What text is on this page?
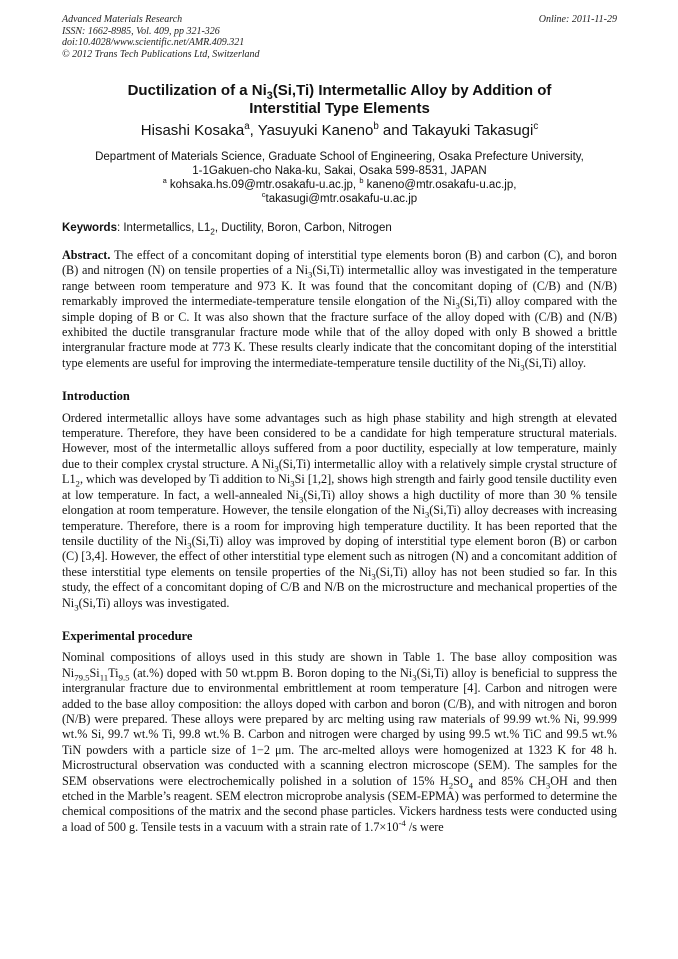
Advanced Materials Research
ISSN: 1662-8985, Vol. 409, pp 321-326
doi:10.4028/www.scientific.net/AMR.409.321
© 2012 Trans Tech Publications Ltd, Switzerland
Online: 2011-11-29
Ductilization of a $Ni_3(Si,Ti)$ Intermetallic Alloy by Addition of
Interstitial Type Elements
Hisashi Kosaka$^a$, Yasuyuki Kaneno$^b$ and Takayuki Takasugi$^c$
Department of Materials Science, Graduate School of Engineering, Osaka Prefecture University,
1-1Gakuen-cho Naka-ku, Sakai, Osaka 599-8531, JAPAN
$^a$ kohsaka.hs.09@mtr.osakafu-u.ac.jp, $^b$ kaneno@mtr.osakafu-u.ac.jp,
$^c$takasugi@mtr.osakafu-u.ac.jp
Keywords: Intermetallics, $L1_2$, Ductility, Boron, Carbon, Nitrogen

Abstract. The effect of a concomitant doping of interstitial type elements boron (B) and carbon (C), and boron (B) and nitrogen (N) on tensile properties of a $Ni_3(Si,Ti)$ intermetallic alloy was investigated in the temperature range between room temperature and 973 K. It was found that the concomitant doping of (C/B) and (N/B) remarkably improved the intermediate-temperature tensile elongation of the $Ni_3(Si,Ti)$ alloy compared with the simple doping of B or C. It was also shown that the fracture surface of the alloy doped with (C/B) and (N/B) exhibited the ductile transgranular fracture mode while that of the alloy doped with only B showed a brittle intergranular fracture mode at 773 K. These results clearly indicate that the concomitant doping of the interstitial type elements are useful for improving the intermediate-temperature tensile ductility of the $Ni_3(Si,Ti)$ alloy.

Introduction

Ordered intermetallic alloys have some advantages such as high phase stability and high strength at elevated temperature. Therefore, they have been considered to be a candidate for high temperature structural materials. However, most of the intermetallic alloys suffered from a poor ductility, especially at low temperature, mainly due to their complex crystal structure. A $Ni_3(Si,Ti)$ intermetallic alloy with a relatively simple crystal structure of $L1_2$, which was developed by Ti addition to $Ni_3Si$ [1,2], shows high strength and fairly good tensile ductility even at low temperature. In fact, a well-annealed $Ni_3(Si,Ti)$ alloy shows a high ductility of more than 30 % tensile elongation at room temperature. However, the tensile elongation of the $Ni_3(Si,Ti)$ alloy decreases with increasing temperature. Therefore, there is a room for improving high temperature ductility. It has been reported that the tensile ductility of the $Ni_3(Si,Ti)$ alloy was improved by doping of interstitial type element boron (B) or carbon (C) [3,4]. However, the effect of other interstitial type element such as nitrogen (N) and a concomitant addition of these interstitial type elements on tensile properties of the $Ni_3(Si,Ti)$ alloy has not been studied so far. In this study, the effect of a concomitant doping of C/B and N/B on the microstructure and mechanical properties of the $Ni_3(Si,Ti)$ alloys was investigated.

Experimental procedure

Nominal compositions of alloys used in this study are shown in Table 1. The base alloy composition was $Ni_{79.5}Si_{11}Ti_{9.5}$ (at.%) doped with 50 wt.ppm B. Boron doping to the $Ni_3(Si,Ti)$ alloy is beneficial to suppress the intergranular fracture due to environmental embrittlement at room temperature [4]. Carbon and nitrogen were added to the base alloy composition: the alloys doped with carbon and boron (C/B), and with nitrogen and boron (N/B) were prepared. These alloys were prepared by arc melting using raw materials of 99.99 wt.% Ni, 99.999 wt.% Si, 99.7 wt.% Ti, 99.8 wt.% B. Carbon and nitrogen were charged by using 99.5 wt.% TiC and 99.5 wt.% TiN powders with a particle size of 1−2 μm. The arc-melted alloys were homogenized at 1323 K for 48 h. Microstructural observation was conducted with a scanning electron microscope (SEM). The samples for the SEM observations were electrochemically polished in a solution of 15% $H_2SO_4$ and 85% $CH_3OH$ and then etched in the Marble’s reagent. SEM electron microprobe analysis (SEM-EPMA) was performed to determine the chemical compositions of the matrix and the second phase particles. Vickers hardness tests were conducted using a load of 500 g. Tensile tests in a vacuum with a strain rate of $1.7\times 10^{-4}$ /s were
